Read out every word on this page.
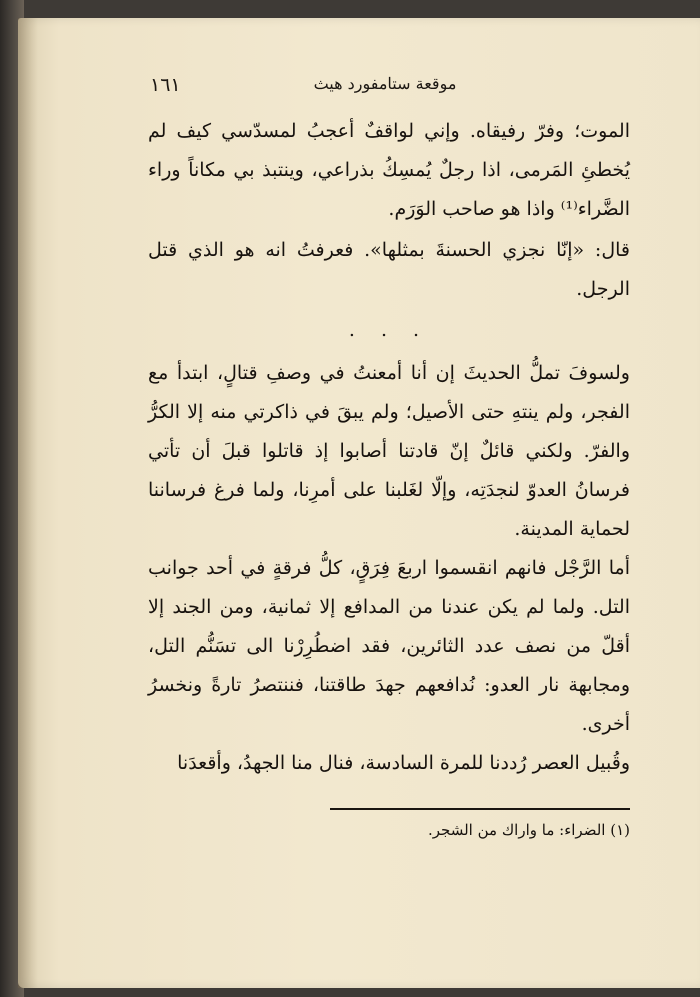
١٦١	موقعة ستامفورد هيث

الموت؛ وفرّ رفيقاه. وإني لواقفٌ أعجبُ لمسدّسي كيف لم يُخطئِ المَرمى، اذا رجلٌ يُمسِكُ بذراعي، وينتبذ بي مكاناً وراء الضَّراء⁽¹⁾ واذا هو صاحب الوَرَم.

قال: «إنّا نجزي الحسنةَ بمثلها». فعرفتُ انه هو الذي قتل الرجل.

. . .

ولسوفَ تملُّ الحديثَ إن أنا أمعنتُ في وصفِ قتالٍ، ابتدأ مع الفجر، ولم ينتهِ حتى الأصيل؛ ولم يبقَ في ذاكرتي منه إلا الكرُّ والفرّ. ولكني قائلٌ إنّ قادتنا أصابوا إذ قاتلوا قبلَ أن تأتي فرسانُ العدوّ لنجدَتِه، وإلّا لغَلبنا على أمرِنا، ولما فرغ فرساننا لحماية المدينة.

أما الرَّجْل فانهم انقسموا اربعَ فِرَقٍ، كلُّ فرقةٍ في أحد جوانب التل. ولما لم يكن عندنا من المدافع إلا ثمانية، ومن الجند إلا أقلّ من نصف عدد الثائرين، فقد اضطُرِرْنا الى تسَنُّم التل، ومجابهة نار العدو: نُدافعهم جهدَ طاقتنا، فننتصرُ تارةً ونخسرُ أخرى.

وقُبيل العصر رُددنا للمرة السادسة، فنال منا الجهدُ، وأقعدَنا

(١) الضراء: ما واراك من الشجر.
